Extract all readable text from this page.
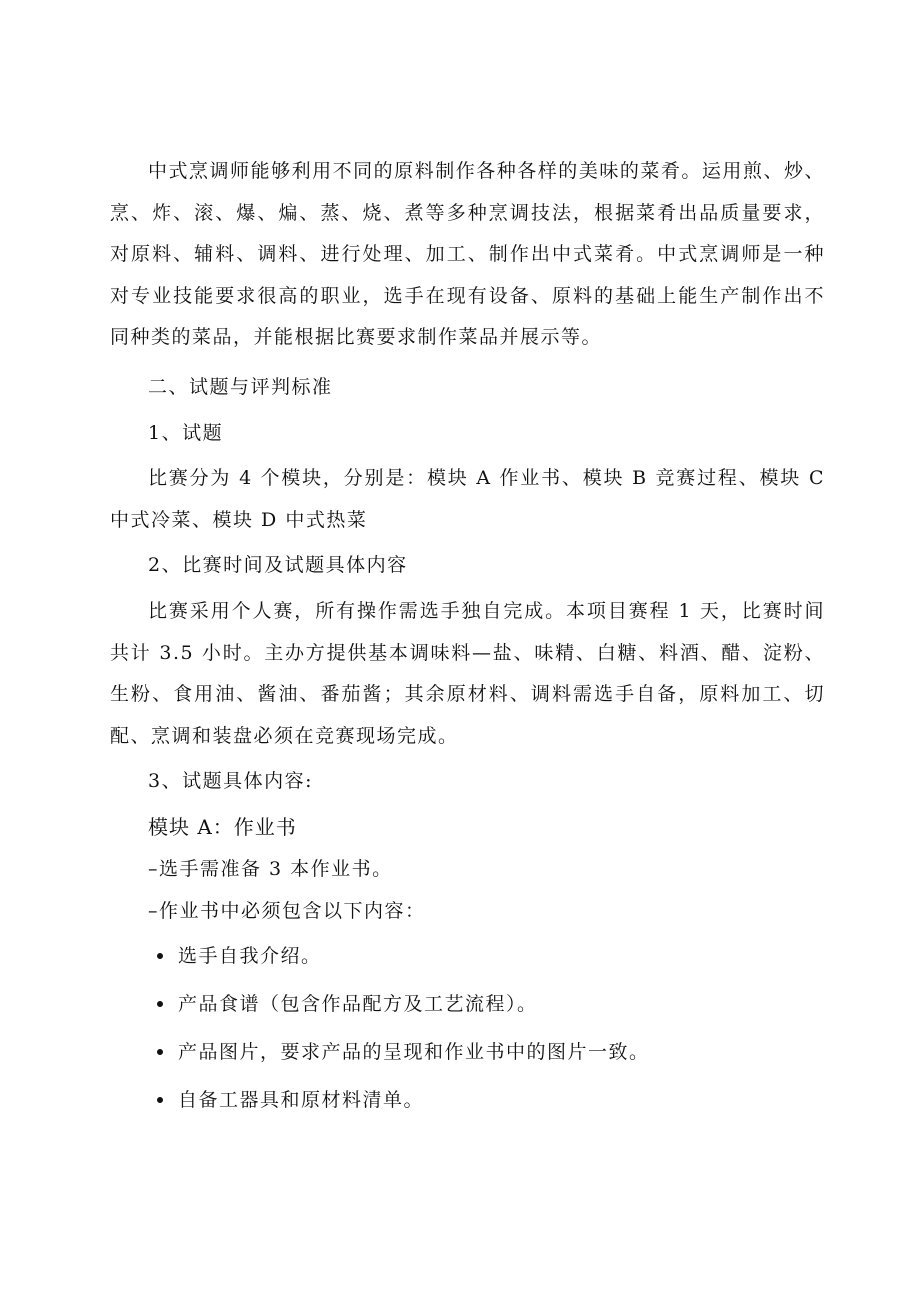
中式烹调师能够利用不同的原料制作各种各样的美味的菜肴。运用煎、炒、烹、炸、滚、爆、煸、蒸、烧、煮等多种烹调技法，根据菜肴出品质量要求，对原料、辅料、调料、进行处理、加工、制作出中式菜肴。中式烹调师是一种对专业技能要求很高的职业，选手在现有设备、原料的基础上能生产制作出不同种类的菜品，并能根据比赛要求制作菜品并展示等。

二、试题与评判标准

1、试题

比赛分为 4 个模块，分别是：模块 A 作业书、模块 B 竞赛过程、模块 C 中式冷菜、模块 D 中式热菜

2、比赛时间及试题具体内容

比赛采用个人赛，所有操作需选手独自完成。本项目赛程 1 天，比赛时间共计 3.5 小时。主办方提供基本调味料—盐、味精、白糖、料酒、醋、淀粉、生粉、食用油、酱油、番茄酱；其余原材料、调料需选手自备，原料加工、切配、烹调和装盘必须在竞赛现场完成。

3、试题具体内容:

模块 A：作业书

–选手需准备 3 本作业书。

–作业书中必须包含以下内容：

选手自我介绍。
产品食谱（包含作品配方及工艺流程）。
产品图片，要求产品的呈现和作业书中的图片一致。
自备工器具和原材料清单。
